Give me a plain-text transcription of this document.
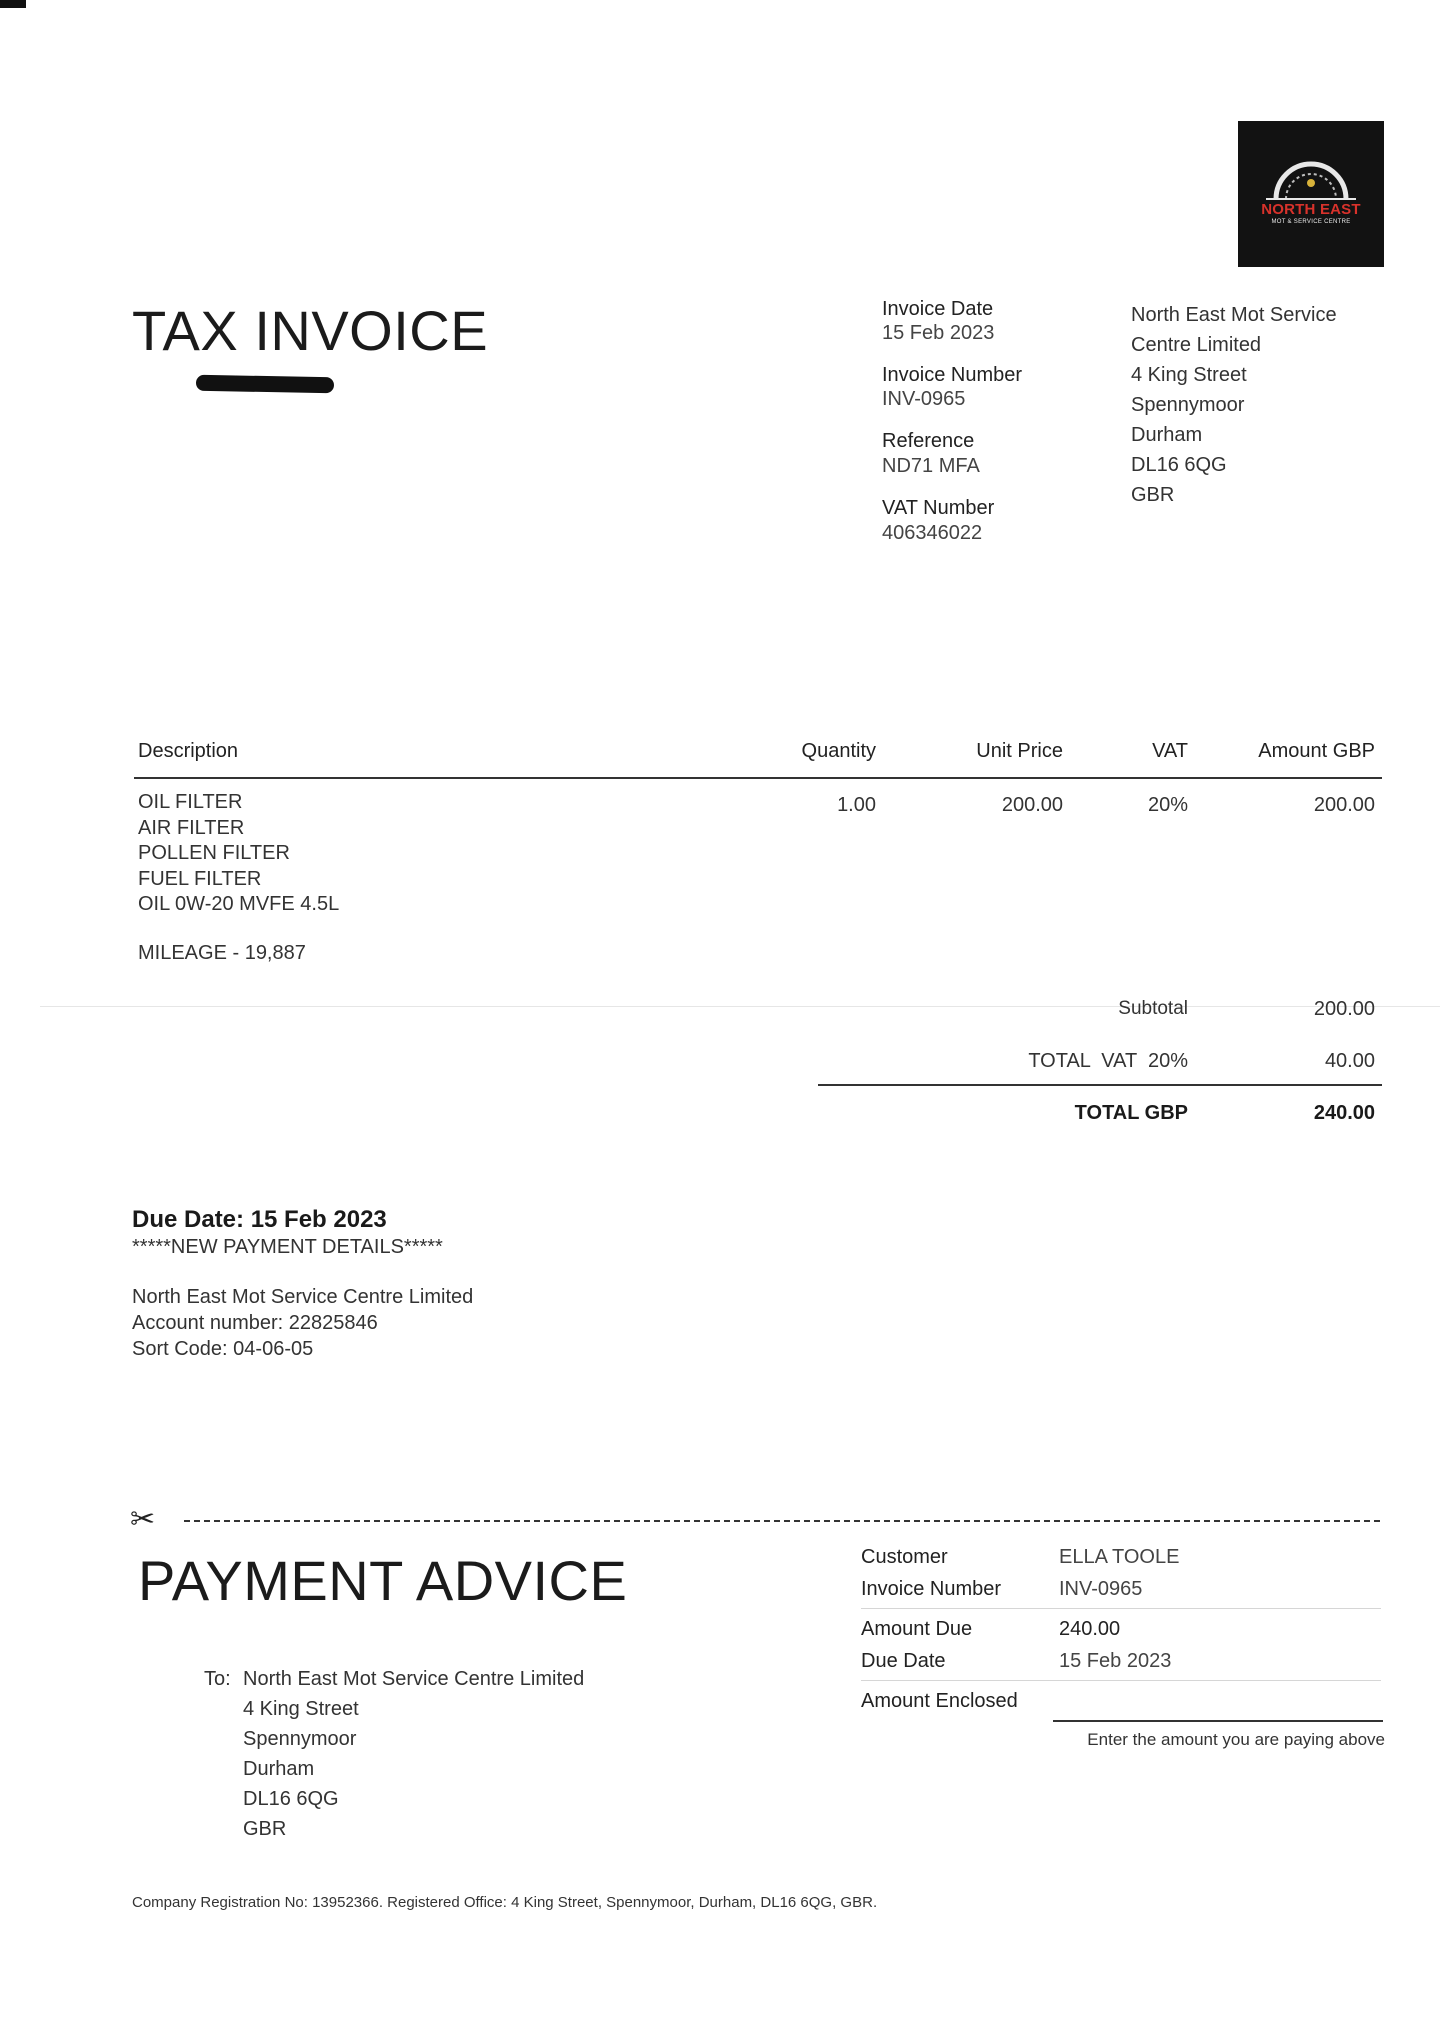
NORTH EAST
MOT & SERVICE CENTRE
TAX INVOICE	Invoice Date
15 Feb 2023
Invoice Number
INV-0965
Reference
ND71 MFA
VAT Number
406346022
North East Mot Service
Centre Limited
4 King Street
Spennymoor
Durham
DL16 6QG
GBR
Description	Quantity	Unit Price	VAT	Amount GBP
OIL FILTER
AIR FILTER
POLLEN FILTER
FUEL FILTER
OIL 0W-20 MVFE 4.5L
MILEAGE - 19,887
1.00	200.00	20%	200.00
Subtotal	200.00
TOTAL  VAT  20%	40.00
TOTAL GBP	240.00
Due Date: 15 Feb 2023
*****NEW PAYMENT DETAILS*****
North East Mot Service Centre Limited
Account number: 22825846
Sort Code: 04-06-05
✂
PAYMENT ADVICE
To: North East Mot Service Centre Limited
4 King Street
Spennymoor
Durham
DL16 6QG
GBR
Customer	ELLA TOOLE
Invoice Number	INV-0965
Amount Due	240.00
Due Date	15 Feb 2023
Amount Enclosed
Enter the amount you are paying above
Company Registration No: 13952366. Registered Office: 4 King Street, Spennymoor, Durham, DL16 6QG, GBR.
